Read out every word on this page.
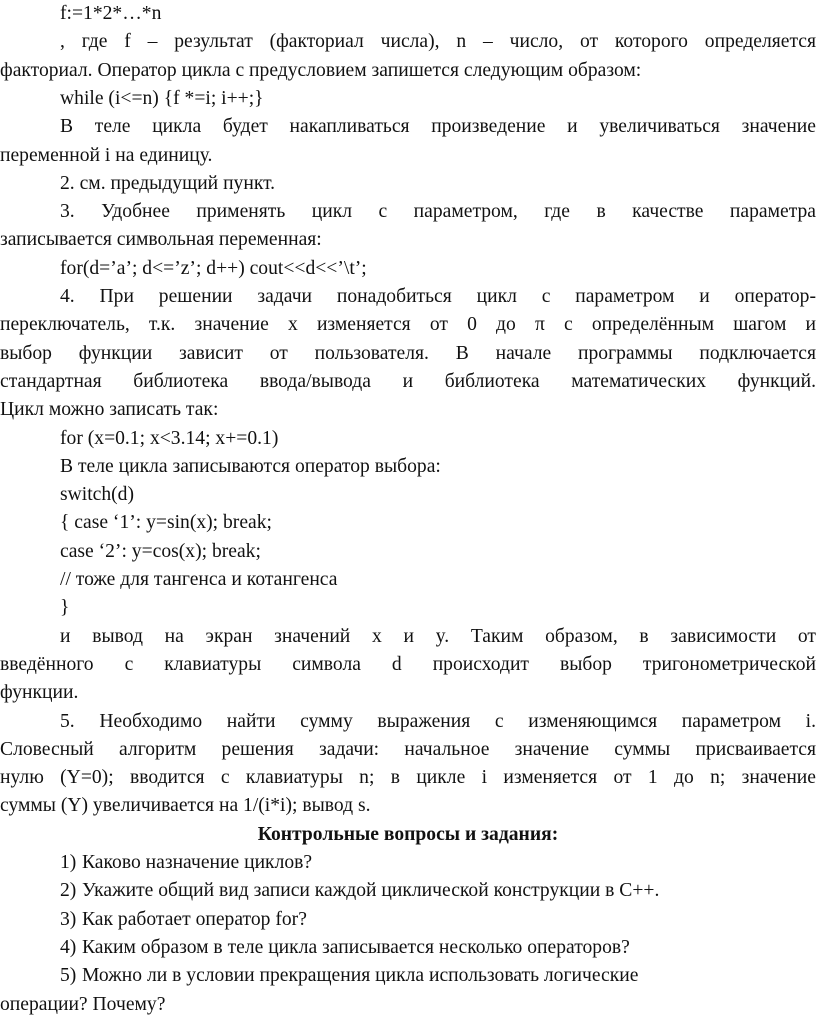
f:=1*2*…*n
, где f – результат (факториал числа), n – число, от которого определяется
факториал. Оператор цикла с предусловием запишется следующим образом:
while (i<=n) {f *=i; i++;}
В теле цикла будет накапливаться произведение и увеличиваться значение
переменной i на единицу.
2. см. предыдущий пункт.
3. Удобнее применять цикл с параметром, где в качестве параметра
записывается символьная переменная:
for(d=’a’; d<=’z’; d++) cout<<d<<’\t’;
4. При решении задачи понадобиться цикл с параметром и оператор-
переключатель, т.к. значение x изменяется от 0 до π с определённым шагом и
выбор функции зависит от пользователя. В начале программы подключается
стандартная библиотека ввода/вывода и библиотека математических функций.
Цикл можно записать так:
for (x=0.1; x<3.14; x+=0.1)
В теле цикла записываются оператор выбора:
switch(d)
{ case ‘1’: y=sin(x); break;
case ‘2’: y=cos(x); break;
// тоже для тангенса и котангенса
}
и вывод на экран значений x и y. Таким образом, в зависимости от
введённого с клавиатуры символа d происходит выбор тригонометрической
функции.
5. Необходимо найти сумму выражения с изменяющимся параметром i.
Словесный алгоритм решения задачи: начальное значение суммы присваивается
нулю (Y=0); вводится с клавиатуры n; в цикле i изменяется от 1 до n; значение
суммы (Y) увеличивается на 1/(i*i); вывод s.
Контрольные вопросы и задания:
1) Каково назначение циклов?
2) Укажите общий вид записи каждой циклической конструкции в С++.
3) Как работает оператор for?
4) Каким образом в теле цикла записывается несколько операторов?
5) Можно ли в условии прекращения цикла использовать логические
операции? Почему?
